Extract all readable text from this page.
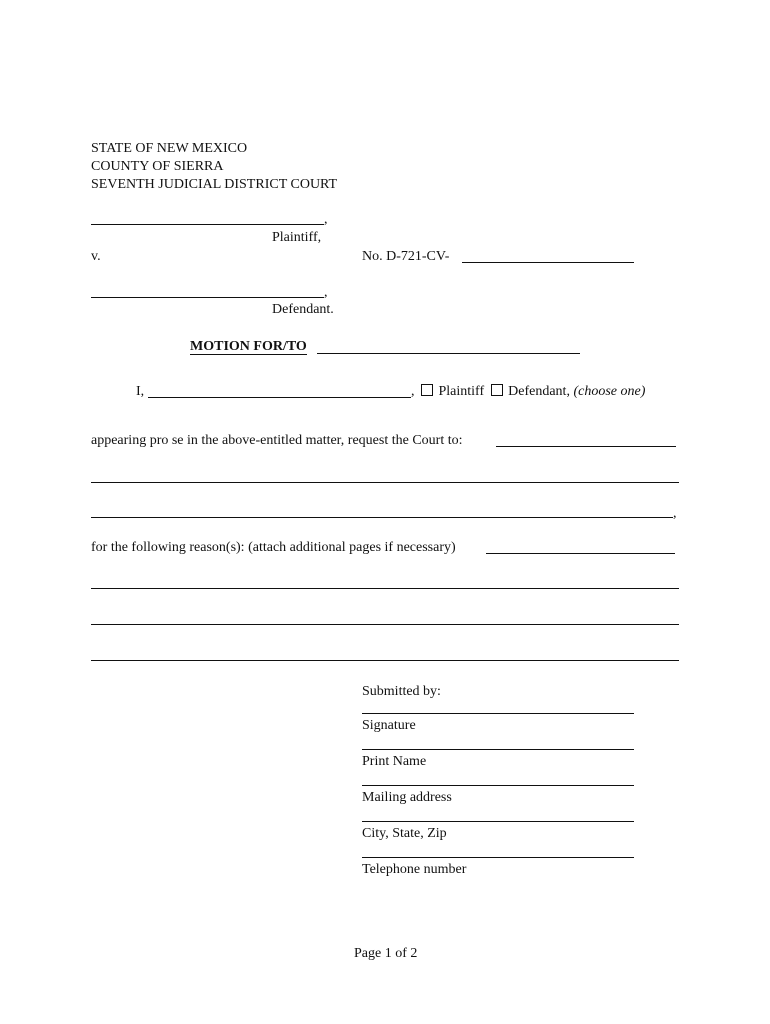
STATE OF NEW MEXICO
COUNTY OF SIERRA
SEVENTH JUDICIAL DISTRICT COURT
,
Plaintiff,
v.	No. D-721-CV-
,
Defendant.
MOTION FOR/TO
I,	,	Plaintiff Defendant, (choose one)
appearing pro se in the above-entitled matter, request the Court to:
,
for the following reason(s): (attach additional pages if necessary)
Submitted by:
Signature
Print Name
Mailing address
City, State, Zip
Telephone number
Page 1 of 2
